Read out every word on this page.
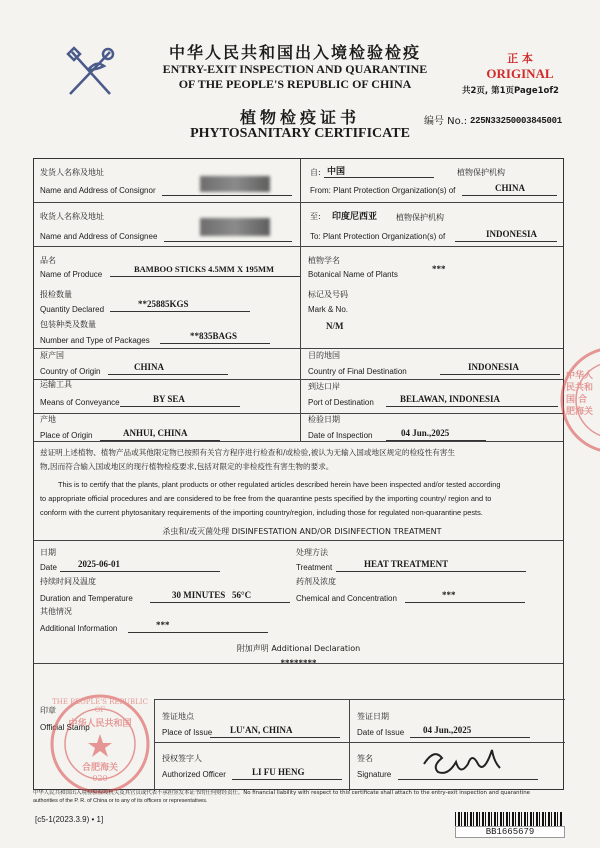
中华人民共和国出入境检验检疫
ENTRY-EXIT INSPECTION AND QUARANTINE
OF THE PEOPLE'S REPUBLIC OF CHINA
正 本
ORIGINAL
共2页, 第1页Page1of2
植物检疫证书
PHYTOSANITARY CERTIFICATE
编号 No.: 225N33250003845001
发货人名称及地址
Name and Address of Consignor
自: 中国	植物保护机构
From: Plant Protection Organization(s) of	CHINA
收货人名称及地址
Name and Address of Consignee
至: 印度尼西亚 植物保护机构
To: Plant Protection Organization(s) of	INDONESIA
品名
Name of Produce
BAMBOO STICKS 4.5MM X 195MM
植物学名
Botanical Name of Plants
***
报检数量
Quantity Declared
**25885KGS
标记及号码
Mark & No.
N/M
包装种类及数量
Number and Type of Packages	**835BAGS
原产国
Country of Origin	CHINA
目的地国
Country of Final Destination	INDONESIA
运输工具
Means of Conveyance	BY SEA
到达口岸
Port of Destination	BELAWAN, INDONESIA
产地
Place of Origin	ANHUI, CHINA
检验日期
Date of Inspection	04 Jun.,2025
兹证明上述植物、植物产品或其他限定物已按照有关官方程序进行检查和/或检验,被认为无输入国或地区规定的检疫性有害生
物,因而符合输入国或地区的现行植物检疫要求,包括对限定的非检疫性有害生物的要求。
This is to certify that the plants, plant products or other regulated articles described herein have been inspected and/or tested according
to appropriate official procedures and are considered to be free from the quarantine pests specified by the importing country/ region and to
conform with the current phytosanitary requirements of the importing country/region, including those for regulated non-quarantine pests.
杀虫和/或灭菌处理 DISINFESTATION AND/OR DISINFECTION TREATMENT
日期
Date 2025-06-01
处理方法
Treatment	HEAT TREATMENT
持续时间及温度
Duration and Temperature	30 MINUTES   56°C
药剂及浓度
Chemical and Concentration	***
其他情况
Additional Information	***
附加声明 Additional Declaration
********
印章
Official Stamp
签证地点
Place of Issue LU'AN, CHINA
签证日期
Date of Issue 04 Jun.,2025
授权签字人
Authorized Officer	LI FU HENG
签名
Signature
THE PEOPLE'S REPUBLIC OF
中华人民共和国
合肥海关
020
中华人民共和国 合肥海关
中华人民共和国出入境检验检疫机关及其官员或代表不承担签发本证书的任何财经责任。No financial liability with respect to this certificate shall attach to the entry-exit inspection and quarantine
authorities of the P. R. of China or to any of its officers or representatives.
[c5-1(2023.3.9) • 1]
BB1665679
